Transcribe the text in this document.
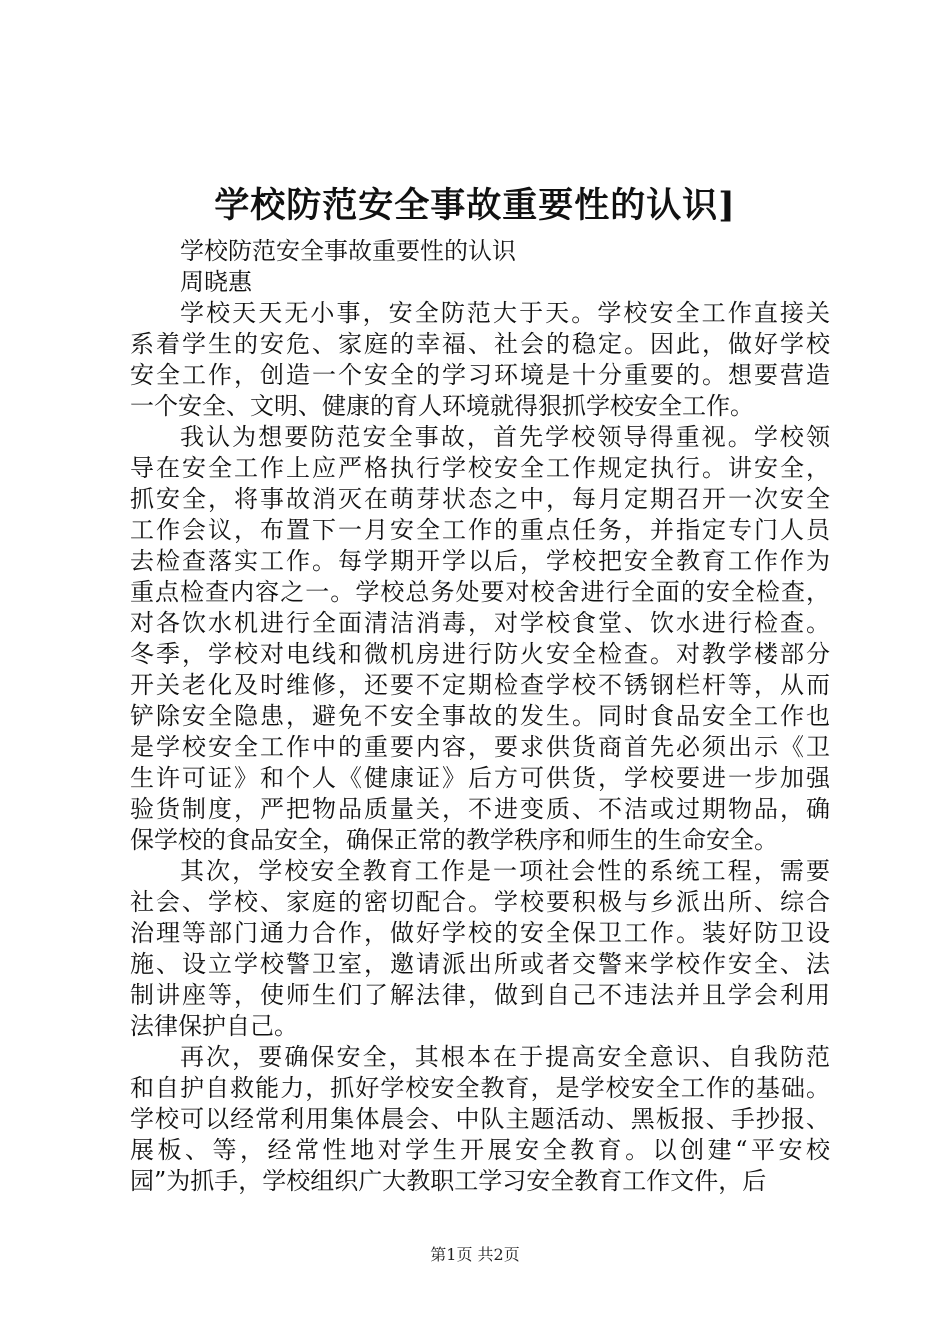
学校防范安全事故重要性的认识]
学校防范安全事故重要性的认识
周晓惠
学校天天无小事，安全防范大于天。学校安全工作直接关
系着学生的安危、家庭的幸福、社会的稳定。因此，做好学校
安全工作，创造一个安全的学习环境是十分重要的。想要营造
一个安全、文明、健康的育人环境就得狠抓学校安全工作。
我认为想要防范安全事故，首先学校领导得重视。学校领
导在安全工作上应严格执行学校安全工作规定执行。讲安全，
抓安全，将事故消灭在萌芽状态之中，每月定期召开一次安全
工作会议，布置下一月安全工作的重点任务，并指定专门人员
去检查落实工作。每学期开学以后，学校把安全教育工作作为
重点检查内容之一。学校总务处要对校舍进行全面的安全检查，
对各饮水机进行全面清洁消毒，对学校食堂、饮水进行检查。
冬季，学校对电线和微机房进行防火安全检查。对教学楼部分
开关老化及时维修，还要不定期检查学校不锈钢栏杆等，从而
铲除安全隐患，避免不安全事故的发生。同时食品安全工作也
是学校安全工作中的重要内容，要求供货商首先必须出示《卫
生许可证》和个人《健康证》后方可供货，学校要进一步加强
验货制度，严把物品质量关，不进变质、不洁或过期物品，确
保学校的食品安全，确保正常的教学秩序和师生的生命安全。
其次，学校安全教育工作是一项社会性的系统工程，需要
社会、学校、家庭的密切配合。学校要积极与乡派出所、综合
治理等部门通力合作，做好学校的安全保卫工作。装好防卫设
施、设立学校警卫室，邀请派出所或者交警来学校作安全、法
制讲座等，使师生们了解法律，做到自己不违法并且学会利用
法律保护自己。
再次，要确保安全，其根本在于提高安全意识、自我防范
和自护自救能力，抓好学校安全教育，是学校安全工作的基础。
学校可以经常利用集体晨会、中队主题活动、黑板报、手抄报、
展板、等，经常性地对学生开展安全教育。以创建“平安校
园”为抓手，学校组织广大教职工学习安全教育工作文件，后
第1页 共2页
